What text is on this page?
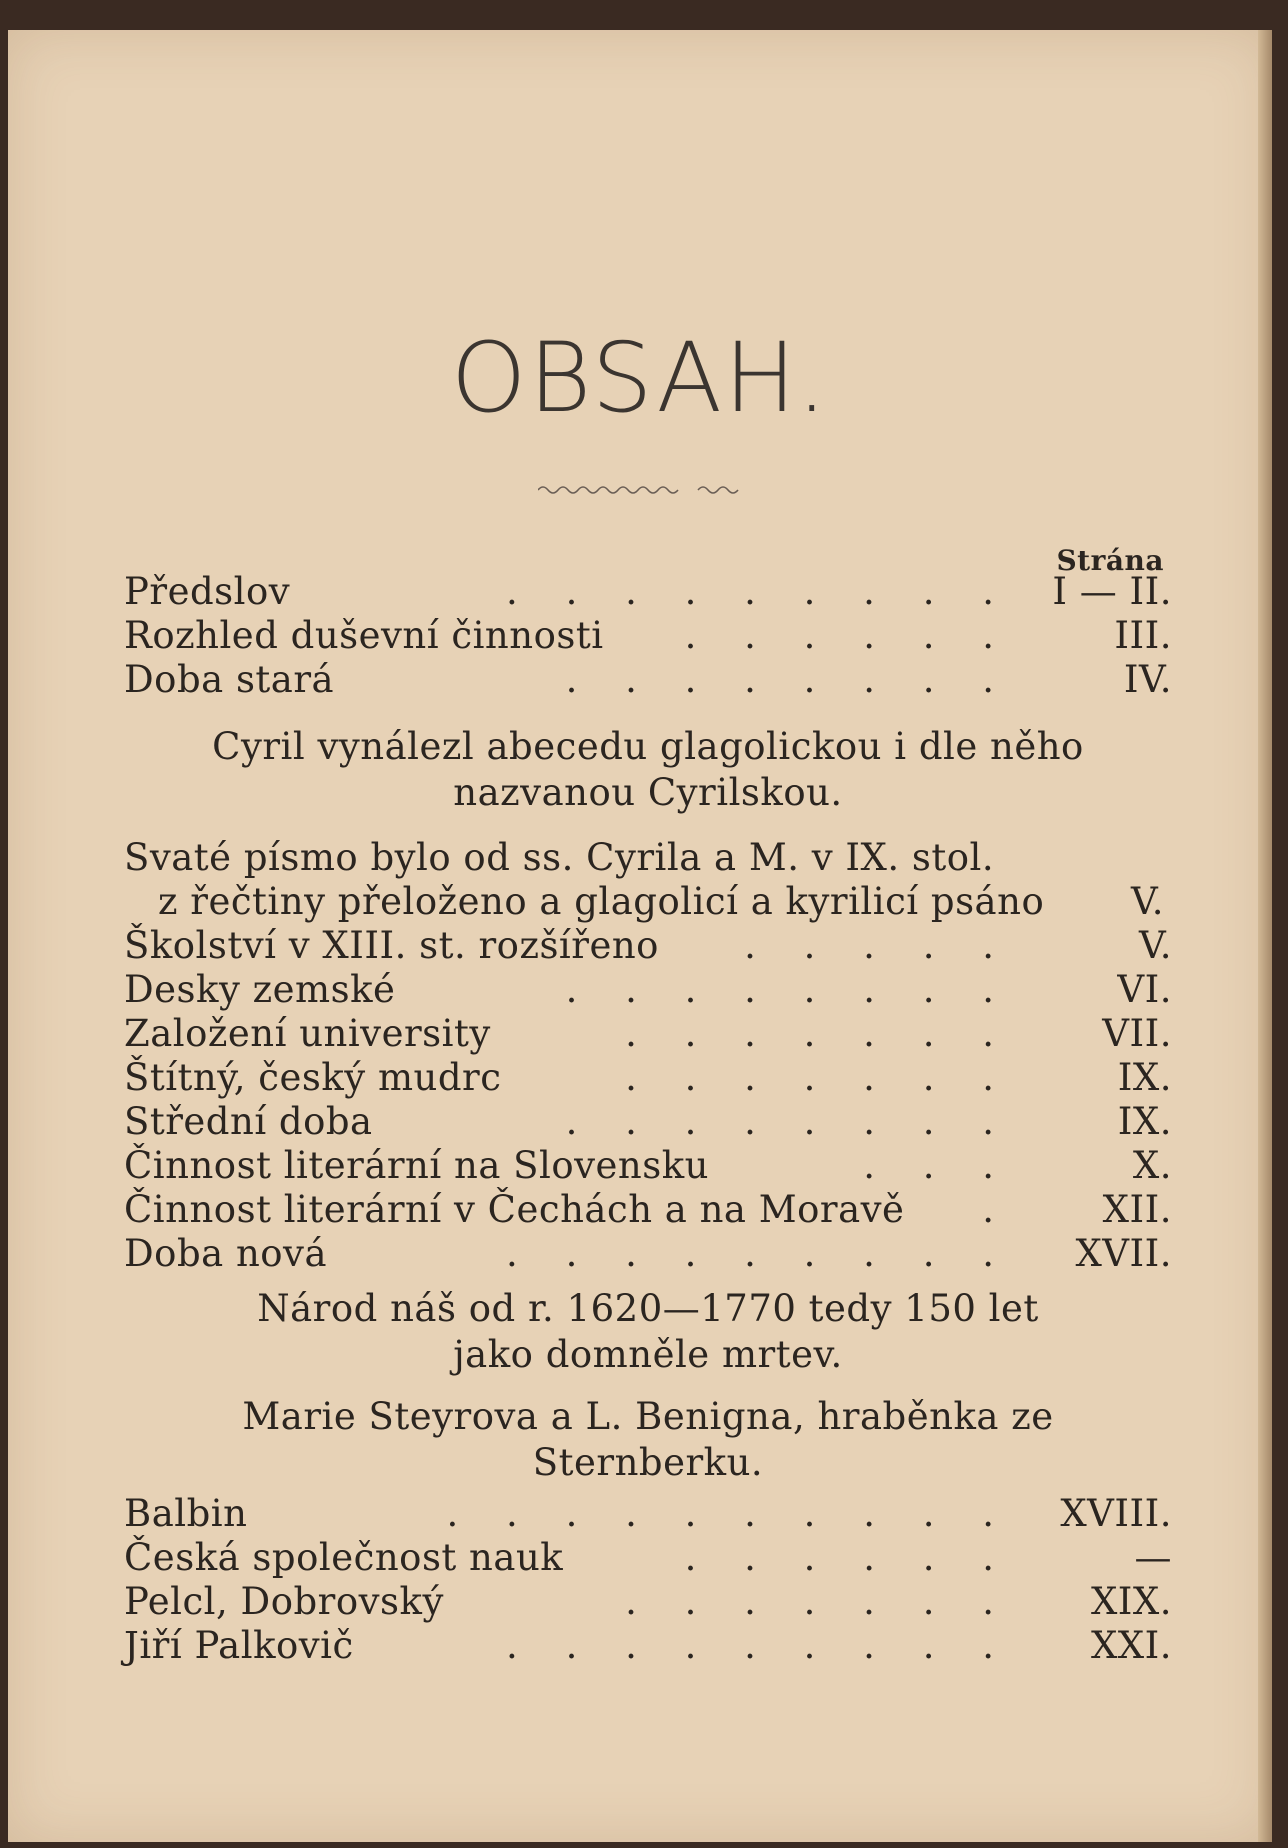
OBSAH.
Strána
Předslov	. . . . . . . . . I — II.
Rozhled duševní činnosti . . . . . .	III.
Doba stará	. . . . . . . .	IV.
Cyril vynálezl abecedu glagolickou i dle něho
nazvanou Cyrilskou.
Svaté písmo bylo od ss. Cyrila a M. v IX. stol.
z řečtiny přeloženo a glagolicí a kyrilicí psáno V.
Školství v XIII. st. rozšířeno . . . . .	V.
Desky zemské	. . . . . . . .	VI.
Založení university	. . . . . . . VII.
Štítný, český mudrc	. . . . . . .	IX.
Střední doba	. . . . . . . .	IX.
Činnost literární na Slovensku	. . .	X.
Činnost literární v Čechách a na Moravě . XII.
Doba nová	. . . . . . . . . XVII.
Národ náš od r. 1620—1770 tedy 150 let
jako domněle mrtev.
Marie Steyrova a L. Benigna, hraběnka ze
Sternberku.
Balbin	. . . . . . . . . . XVIII.
Česká společnost nauk	. . . . . .	—
Pelcl, Dobrovský	. . . . . . . XIX.
Jiří Palkovič	. . . . . . . . . XXI.
